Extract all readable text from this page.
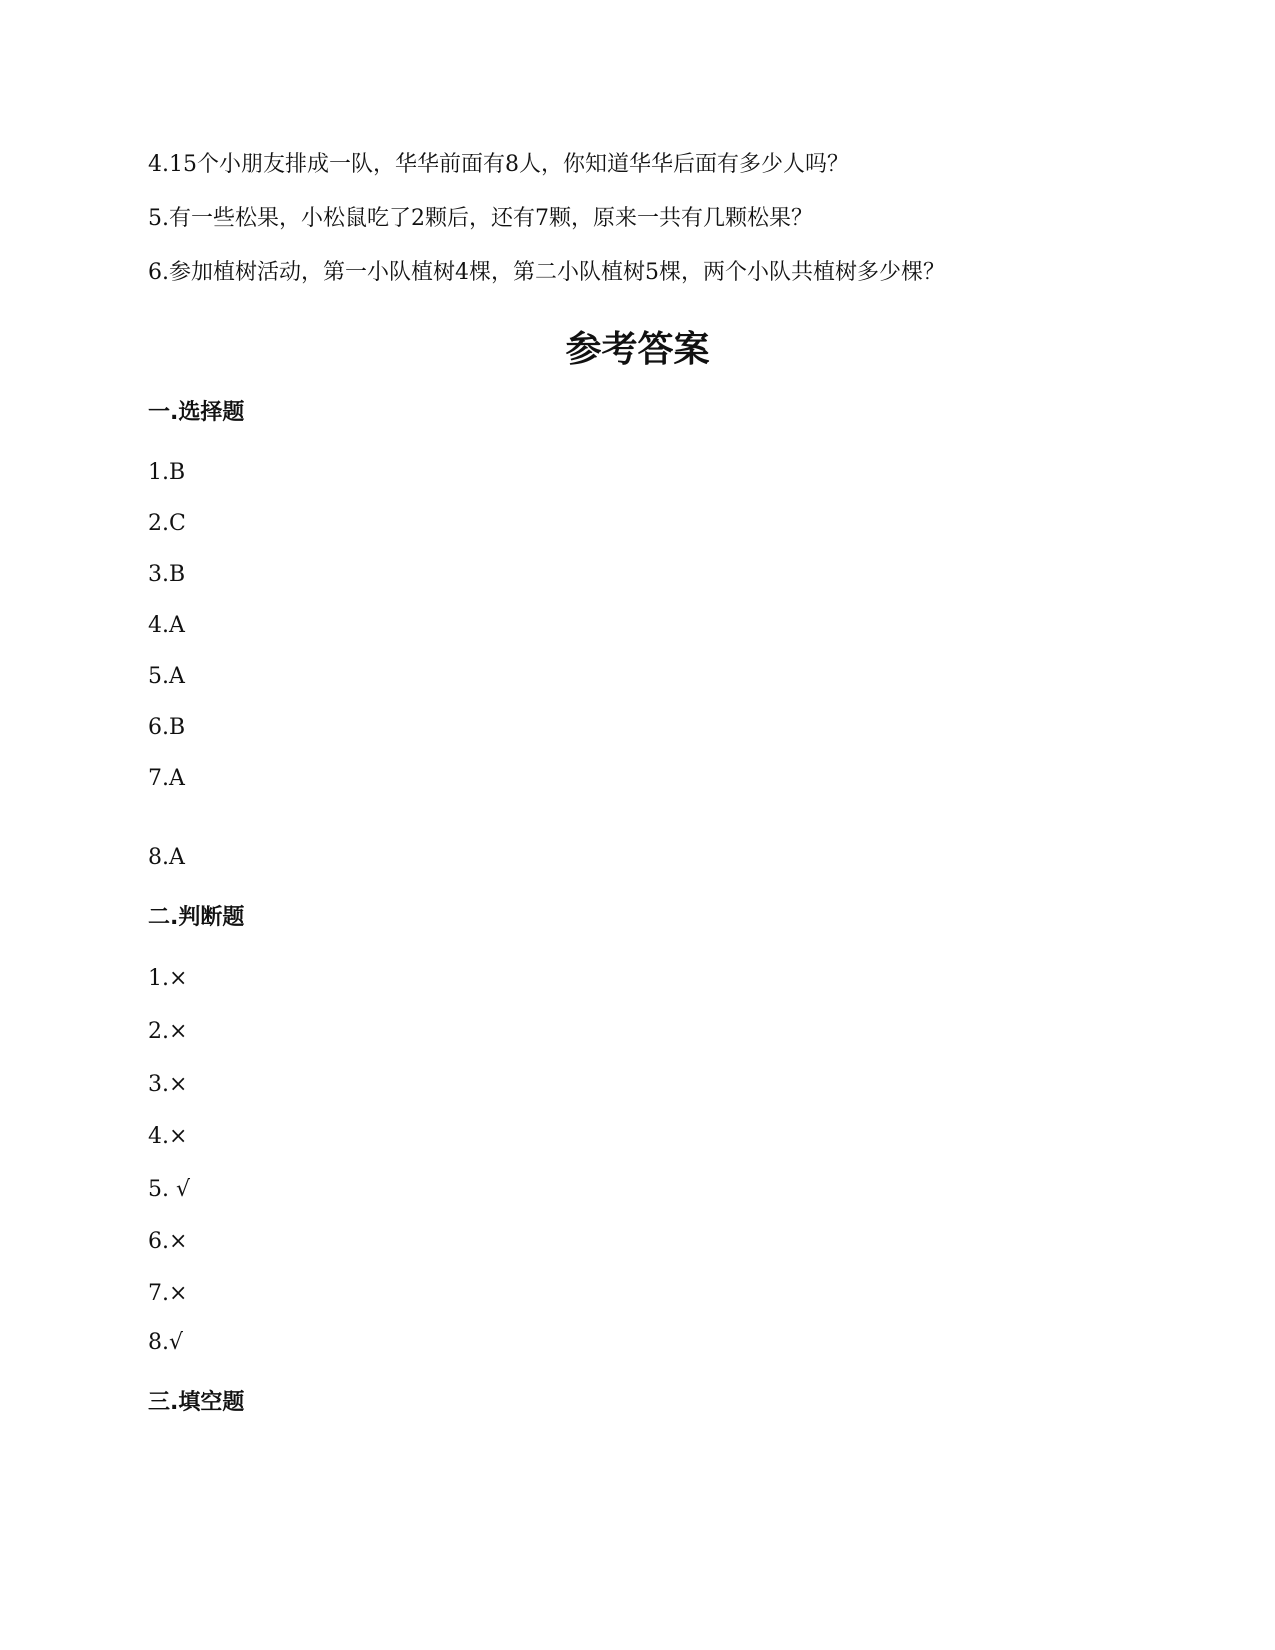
4.15个小朋友排成一队，华华前面有8人，你知道华华后面有多少人吗？
5.有一些松果，小松鼠吃了2颗后，还有7颗，原来一共有几颗松果？
6.参加植树活动，第一小队植树4棵，第二小队植树5棵，两个小队共植树多少棵？
参考答案
一.选择题
1.B
2.C
3.B
4.A
5.A
6.B
7.A
8.A
二.判断题
1.×
2.×
3.×
4.×
5. √
6.×
7.×
8.√
三.填空题
